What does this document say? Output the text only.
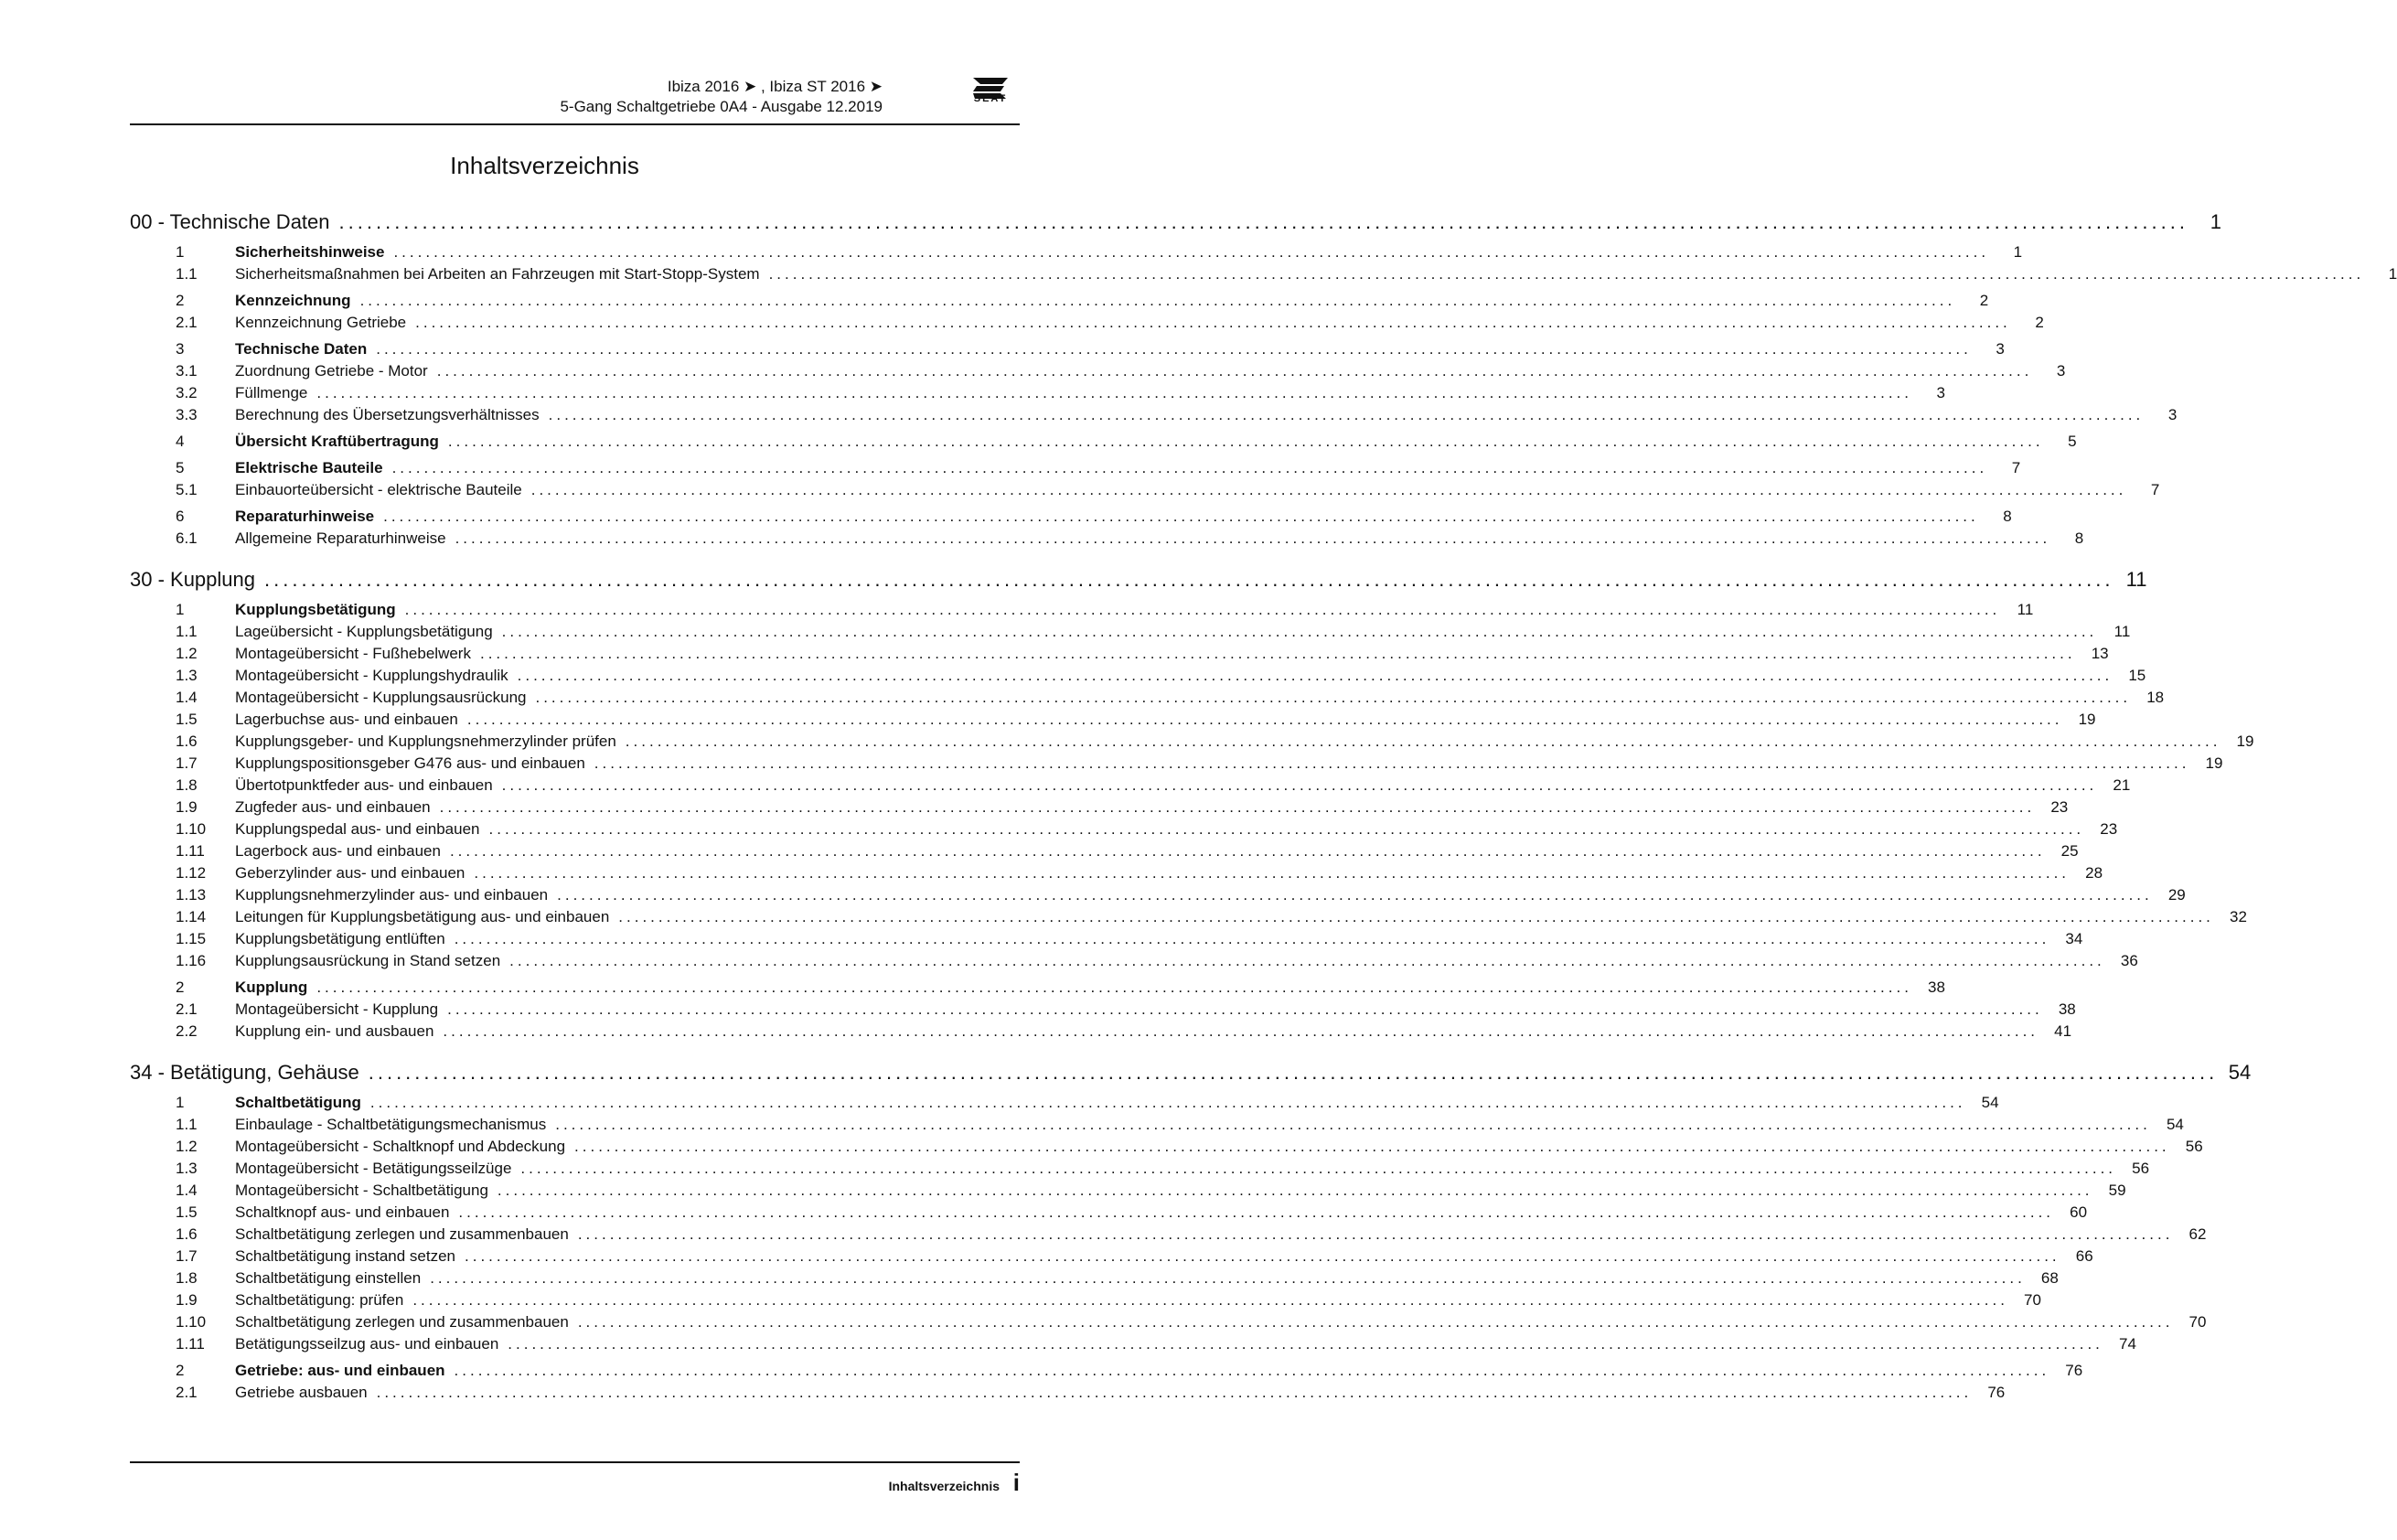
Ibiza 2016 ➤ , Ibiza ST 2016 ➤
5-Gang Schaltgetriebe 0A4 - Ausgabe 12.2019	SEAT
Inhaltsverzeichnis
00 - Technische Daten ........................................................................................................................................................................................................	1
1	Sicherheitshinweise ........................................................................................................................................................................................................	1
1.1	Sicherheitsmaßnahmen bei Arbeiten an Fahrzeugen mit Start-Stopp-System ........................................................................................................................................................................................................	1
2	Kennzeichnung ........................................................................................................................................................................................................	2
2.1	Kennzeichnung Getriebe ........................................................................................................................................................................................................	2
3	Technische Daten ........................................................................................................................................................................................................	3
3.1	Zuordnung Getriebe - Motor ........................................................................................................................................................................................................	3
3.2	Füllmenge ........................................................................................................................................................................................................	3
3.3	Berechnung des Übersetzungsverhältnisses ........................................................................................................................................................................................................	3
4	Übersicht Kraftübertragung ........................................................................................................................................................................................................	5
5	Elektrische Bauteile ........................................................................................................................................................................................................	7
5.1	Einbauorteübersicht - elektrische Bauteile ........................................................................................................................................................................................................	7
6	Reparaturhinweise ........................................................................................................................................................................................................	8
6.1	Allgemeine Reparaturhinweise ........................................................................................................................................................................................................	8
30 - Kupplung ........................................................................................................................................................................................................ 11
1	Kupplungsbetätigung ........................................................................................................................................................................................................	11
1.1	Lageübersicht - Kupplungsbetätigung ........................................................................................................................................................................................................	11
1.2	Montageübersicht - Fußhebelwerk ........................................................................................................................................................................................................	13
1.3	Montageübersicht - Kupplungshydraulik ........................................................................................................................................................................................................	15
1.4	Montageübersicht - Kupplungsausrückung ........................................................................................................................................................................................................	18
1.5	Lagerbuchse aus- und einbauen ........................................................................................................................................................................................................	19
1.6	Kupplungsgeber- und Kupplungsnehmerzylinder prüfen ........................................................................................................................................................................................................	19
1.7	Kupplungspositionsgeber G476 aus- und einbauen ........................................................................................................................................................................................................	19
1.8	Übertotpunktfeder aus- und einbauen ........................................................................................................................................................................................................	21
1.9	Zugfeder aus- und einbauen ........................................................................................................................................................................................................	23
1.10	Kupplungspedal aus- und einbauen ........................................................................................................................................................................................................	23
1.11	Lagerbock aus- und einbauen ........................................................................................................................................................................................................	25
1.12	Geberzylinder aus- und einbauen ........................................................................................................................................................................................................	28
1.13	Kupplungsnehmerzylinder aus- und einbauen ........................................................................................................................................................................................................	29
1.14	Leitungen für Kupplungsbetätigung aus- und einbauen ........................................................................................................................................................................................................	32
1.15	Kupplungsbetätigung entlüften ........................................................................................................................................................................................................	34
1.16	Kupplungsausrückung in Stand setzen ........................................................................................................................................................................................................	36
2	Kupplung ........................................................................................................................................................................................................	38
2.1	Montageübersicht - Kupplung ........................................................................................................................................................................................................	38
2.2	Kupplung ein- und ausbauen ........................................................................................................................................................................................................	41
34 - Betätigung, Gehäuse ........................................................................................................................................................................................................ 54
1	Schaltbetätigung ........................................................................................................................................................................................................	54
1.1	Einbaulage - Schaltbetätigungsmechanismus ........................................................................................................................................................................................................	54
1.2	Montageübersicht - Schaltknopf und Abdeckung ........................................................................................................................................................................................................	56
1.3	Montageübersicht - Betätigungsseilzüge ........................................................................................................................................................................................................	56
1.4	Montageübersicht - Schaltbetätigung ........................................................................................................................................................................................................	59
1.5	Schaltknopf aus- und einbauen ........................................................................................................................................................................................................	60
1.6	Schaltbetätigung zerlegen und zusammenbauen ........................................................................................................................................................................................................	62
1.7	Schaltbetätigung instand setzen ........................................................................................................................................................................................................	66
1.8	Schaltbetätigung einstellen ........................................................................................................................................................................................................	68
1.9	Schaltbetätigung: prüfen ........................................................................................................................................................................................................	70
1.10	Schaltbetätigung zerlegen und zusammenbauen ........................................................................................................................................................................................................	70
1.11	Betätigungsseilzug aus- und einbauen ........................................................................................................................................................................................................	74
2	Getriebe: aus- und einbauen ........................................................................................................................................................................................................	76
2.1	Getriebe ausbauen ........................................................................................................................................................................................................	76
Inhaltsverzeichnis i
